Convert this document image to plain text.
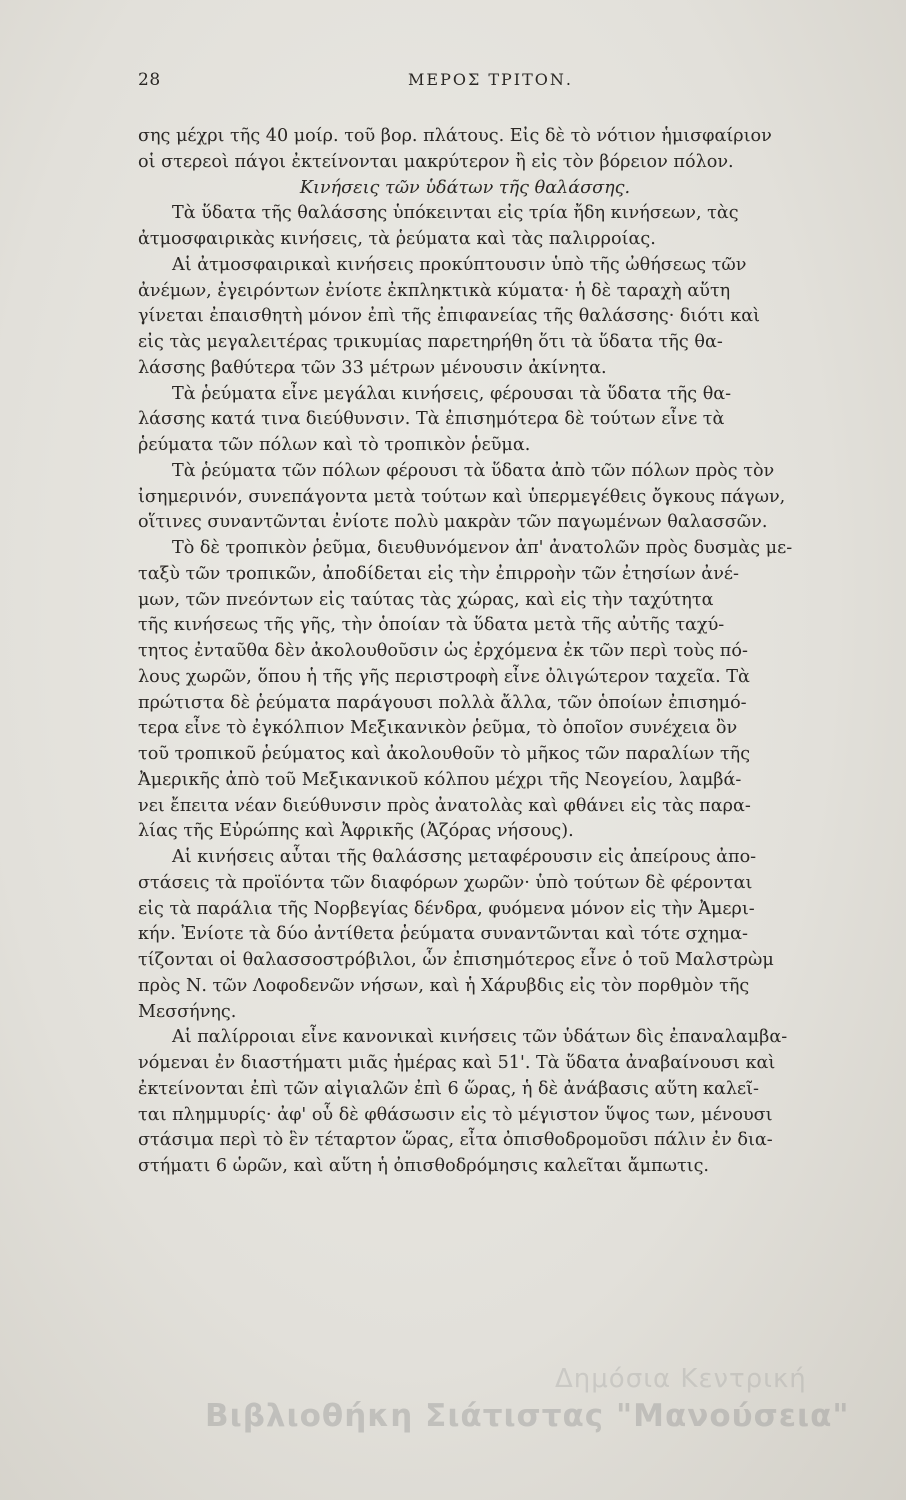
28	ΜΕΡΟΣ ΤΡΙΤΟΝ.
σης μέχρι τῆς 40 μοίρ. τοῦ βορ. πλάτους. Εἰς δὲ τὸ νότιον ἡμισφαίριον
οἱ στερεοὶ πάγοι ἐκτείνονται μακρύτερον ἢ εἰς τὸν βόρειον πόλον.
Κινήσεις τῶν ὑδάτων τῆς θαλάσσης.
Τὰ ὕδατα τῆς θαλάσσης ὑπόκεινται εἰς τρία ἤδη κινήσεων, τὰς
ἀτμοσφαιρικὰς κινήσεις, τὰ ῥεύματα καὶ τὰς παλιρροίας.
Αἱ ἀτμοσφαιρικαὶ κινήσεις προκύπτουσιν ὑπὸ τῆς ὠθήσεως τῶν
ἀνέμων, ἐγειρόντων ἐνίοτε ἐκπληκτικὰ κύματα· ἡ δὲ ταραχὴ αὕτη
γίνεται ἐπαισθητὴ μόνον ἐπὶ τῆς ἐπιφανείας τῆς θαλάσσης· διότι καὶ
εἰς τὰς μεγαλειτέρας τρικυμίας παρετηρήθη ὅτι τὰ ὕδατα τῆς θα-
λάσσης βαθύτερα τῶν 33 μέτρων μένουσιν ἀκίνητα.
Τὰ ῥεύματα εἶνε μεγάλαι κινήσεις, φέρουσαι τὰ ὕδατα τῆς θα-
λάσσης κατά τινα διεύθυνσιν. Τὰ ἐπισημότερα δὲ τούτων εἶνε τὰ
ῥεύματα τῶν πόλων καὶ τὸ τροπικὸν ῥεῦμα.
Τὰ ῥεύματα τῶν πόλων φέρουσι τὰ ὕδατα ἀπὸ τῶν πόλων πρὸς τὸν
ἰσημερινόν, συνεπάγοντα μετὰ τούτων καὶ ὑπερμεγέθεις ὄγκους πάγων,
οἵτινες συναντῶνται ἐνίοτε πολὺ μακρὰν τῶν παγωμένων θαλασσῶν.
Τὸ δὲ τροπικὸν ῥεῦμα, διευθυνόμενον ἀπ' ἀνατολῶν πρὸς δυσμὰς με-
ταξὺ τῶν τροπικῶν, ἀποδίδεται εἰς τὴν ἐπιρροὴν τῶν ἐτησίων ἀνέ-
μων, τῶν πνεόντων εἰς ταύτας τὰς χώρας, καὶ εἰς τὴν ταχύτητα
τῆς κινήσεως τῆς γῆς, τὴν ὁποίαν τὰ ὕδατα μετὰ τῆς αὐτῆς ταχύ-
τητος ἐνταῦθα δὲν ἀκολουθοῦσιν ὡς ἐρχόμενα ἐκ τῶν περὶ τοὺς πό-
λους χωρῶν, ὅπου ἡ τῆς γῆς περιστροφὴ εἶνε ὀλιγώτερον ταχεῖα. Τὰ
πρώτιστα δὲ ῥεύματα παράγουσι πολλὰ ἄλλα, τῶν ὁποίων ἐπισημό-
τερα εἶνε τὸ ἐγκόλπιον Μεξικανικὸν ῥεῦμα, τὸ ὁποῖον συνέχεια ὂν
τοῦ τροπικοῦ ῥεύματος καὶ ἀκολουθοῦν τὸ μῆκος τῶν παραλίων τῆς
Ἀμερικῆς ἀπὸ τοῦ Μεξικανικοῦ κόλπου μέχρι τῆς Νεογείου, λαμβά-
νει ἔπειτα νέαν διεύθυνσιν πρὸς ἀνατολὰς καὶ φθάνει εἰς τὰς παρα-
λίας τῆς Εὐρώπης καὶ Ἀφρικῆς (Ἀζόρας νήσους).
Αἱ κινήσεις αὗται τῆς θαλάσσης μεταφέρουσιν εἰς ἀπείρους ἀπο-
στάσεις τὰ προϊόντα τῶν διαφόρων χωρῶν· ὑπὸ τούτων δὲ φέρονται
εἰς τὰ παράλια τῆς Νορβεγίας δένδρα, φυόμενα μόνον εἰς τὴν Ἀμερι-
κήν. Ἐνίοτε τὰ δύο ἀντίθετα ῥεύματα συναντῶνται καὶ τότε σχημα-
τίζονται οἱ θαλασσοστρόβιλοι, ὧν ἐπισημότερος εἶνε ὁ τοῦ Μαλστρὼμ
πρὸς Ν. τῶν Λοφοδενῶν νήσων, καὶ ἡ Χάρυβδις εἰς τὸν πορθμὸν τῆς
Μεσσήνης.
Αἱ παλίρροιαι εἶνε κανονικαὶ κινήσεις τῶν ὑδάτων δὶς ἐπαναλαμβα-
νόμεναι ἐν διαστήματι μιᾶς ἡμέρας καὶ 51'. Τὰ ὕδατα ἀναβαίνουσι καὶ
ἐκτείνονται ἐπὶ τῶν αἰγιαλῶν ἐπὶ 6 ὥρας, ἡ δὲ ἀνάβασις αὕτη καλεῖ-
ται πλημμυρίς· ἀφ' οὗ δὲ φθάσωσιν εἰς τὸ μέγιστον ὕψος των, μένουσι
στάσιμα περὶ τὸ ἓν τέταρτον ὥρας, εἶτα ὀπισθοδρομοῦσι πάλιν ἐν δια-
στήματι 6 ὡρῶν, καὶ αὕτη ἡ ὀπισθοδρόμησις καλεῖται ἄμπωτις.
Δημόσια Κεντρική
Βιβλιοθήκη Σιάτιστας "Μανούσεια"
